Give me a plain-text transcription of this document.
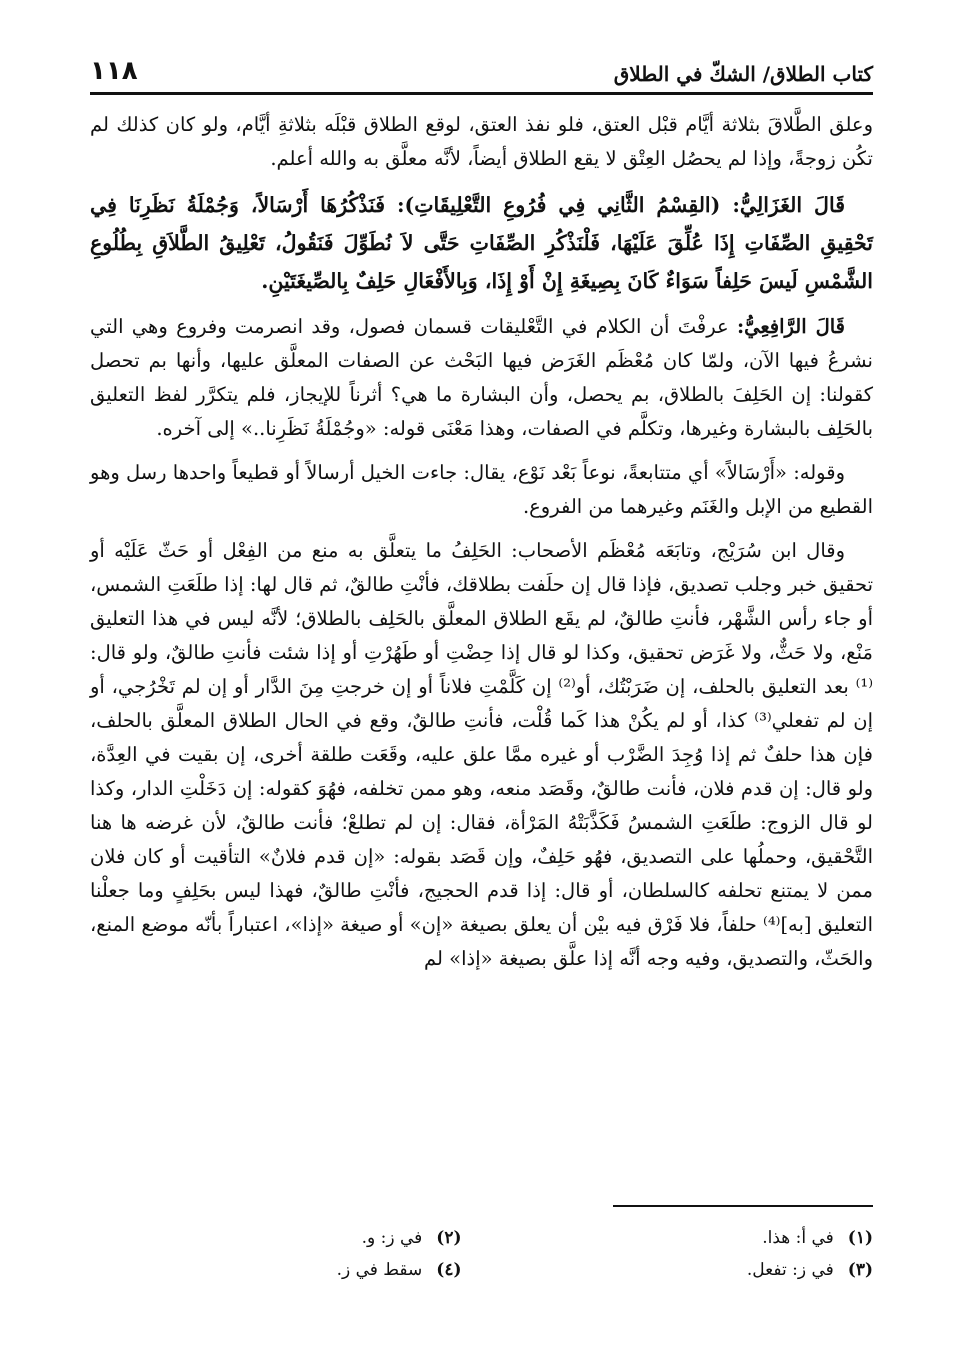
كتاب الطلاق/ الشكّ في الطلاق
١١٨

وعلق الطَّلاقَ بثلاثة أيَّام قبْل العتق، فلو نفذ العتق، لوقع الطلاق قبْلَه بثلاثةِ أيَّام، ولو كان كذلك لم تكُن زوجةً، وإذا لم يحصُل العِتْق لا يقع الطلاق أيضاً، لأنَّه معلَّق به والله أعلم.

قَالَ الغَزَالِيُّ: (القِسْمُ الثَّانِي فِي فُرُوعِ التَّعْلِيقَاتِ): فَنَذْكُرُهَا أَرْسَالاً، وَجُمْلَةُ نَظَرِنَا فِي تَحْقِيقِ الصِّفَاتِ إِذَا عُلِّقَ عَلَيْهَا، فَلْنَذْكُرِ الصِّفَاتِ حَتَّى لاَ نُطَوِّلَ فَنَقُولُ، تَعْلِيقُ الطَّلاَقِ بِطُلُوعِ الشَّمْسِ لَيسَ حَلِفاً سَوَاءٌ كَانَ بِصِيغَةِ إِنْ أَوْ إِذَا، وَبِالأَفْعَالِ حَلِفٌ بِالصِّيغَتَيْنِ.

قَالَ الرَّافِعِيُّ: عرفْتَ أن الكلام في التَّعْليقات قسمان فصول، وقد انصرمت وفروع وهي التي نشرعُ فيها الآن، ولمّا كان مُعْظَم الغَرَض فيها البَحْث عن الصفات المعلَّق عليها، وأنها بم تحصل كقولنا: إن الحَلِفَ بالطلاق، بم يحصل، وأن البشارة ما هي؟ أثرناً للإيجاز، فلم يتكرَّر لفظ التعليق بالحَلِف بالبشارة وغيرها، وتكلَّم في الصفات، وهذا مَعْنَى قوله: «وجُمْلَةُ نَظَرِنا..» إلى آخره.

وقوله: «أَرْسَالاً» أي متتابعةً، نوعاً بَعْد نَوْع، يقال: جاءت الخيل أرسالاً أو قطيعاً واحدها رسل وهو القطيع من الإبل والغَنَم وغيرهما من الفروع.

وقال ابن سُرَيْج، وتابَعَه مُعْظَم الأصحاب: الحَلِفُ ما يتعلَّق به منع من الفِعْل أو حَثّ عَلَيْه أو تحقيق خبر وجلب تصديق، فإذا قال إن حلَفت بطلاقك، فأنْتِ طالقٌ، ثم قال لها: إذا طلَعَتِ الشمس، أو جاء رأس الشَّهْر، فأنتِ طالقٌ، لم يقَع الطلاق المعلَّق بالحَلِف بالطلاق؛ لأنَّه ليس في هذا التعليق مَنْع، ولا حَثٌّ، ولا غَرَض تحقيق، وكذا لو قال إذا حِضْتِ أو طَهُرْتِ أو إذا شئت فأنتِ طالقٌ، ولو قال:⁽¹⁾ بعد التعليق بالحلف، إن ضَرَبْتُك، أو⁽²⁾ إن كَلَّمْتِ فلاناً أو إن خرجتِ مِنَ الدَّار أو إن لم تَخْرُجي، أو إن لم تفعلي⁽³⁾ كذا، أو لم يكُنْ هذا كَما قُلْت، فأنتِ طالقٌ، وقع في الحال الطلاق المعلَّق بالحلف، فإن هذا حلفٌ ثم إذا وُجِدَ الضَّرْب أو غيره ممَّا علق عليه، وقَعَت طلقة أخرى، إن بقيت في العِدَّة، ولو قال: إن قدم فلان، فأنت طالقٌ، وقَصَد منعه، وهو ممن تخلفه، فهُوَ كقوله: إن دَخَلْتِ الدار، وكذا لو قال الزوج: طلَعَتِ الشمسُ فَكَذَّبَتْهُ المَرْأة، فقال: إن لم تطلعْ؛ فأنت طالقٌ، لأن غرضه ها هنا التَّحْقيق، وحملُها على التصديق، فهُو حَلِفٌ، وإن قَصَد بقوله: «إن قدم فلانٌ» التأقيت أو كان فلان ممن لا يمتنع تحلفه كالسلطان، أو قال: إذا قدم الحجيج، فأنْتِ طالقٌ، فهذا ليس بحَلِفٍ وما جعلْنا التعليق [به]⁽⁴⁾ حلفاً، فلا فَرْق فيه بيْن أن يعلق بصيغة «إن» أو صيغة «إذا»، اعتباراً بأنّه موضع المنع، والحَثّ، والتصديق، وفيه وجه أنَّه إذا علَّق بصيغة «إذا» لم

(١)
في أ: هذا.
(٢)
في ز: و.
(٣)
في ز: تفعل.
(٤)
سقط في ز.
